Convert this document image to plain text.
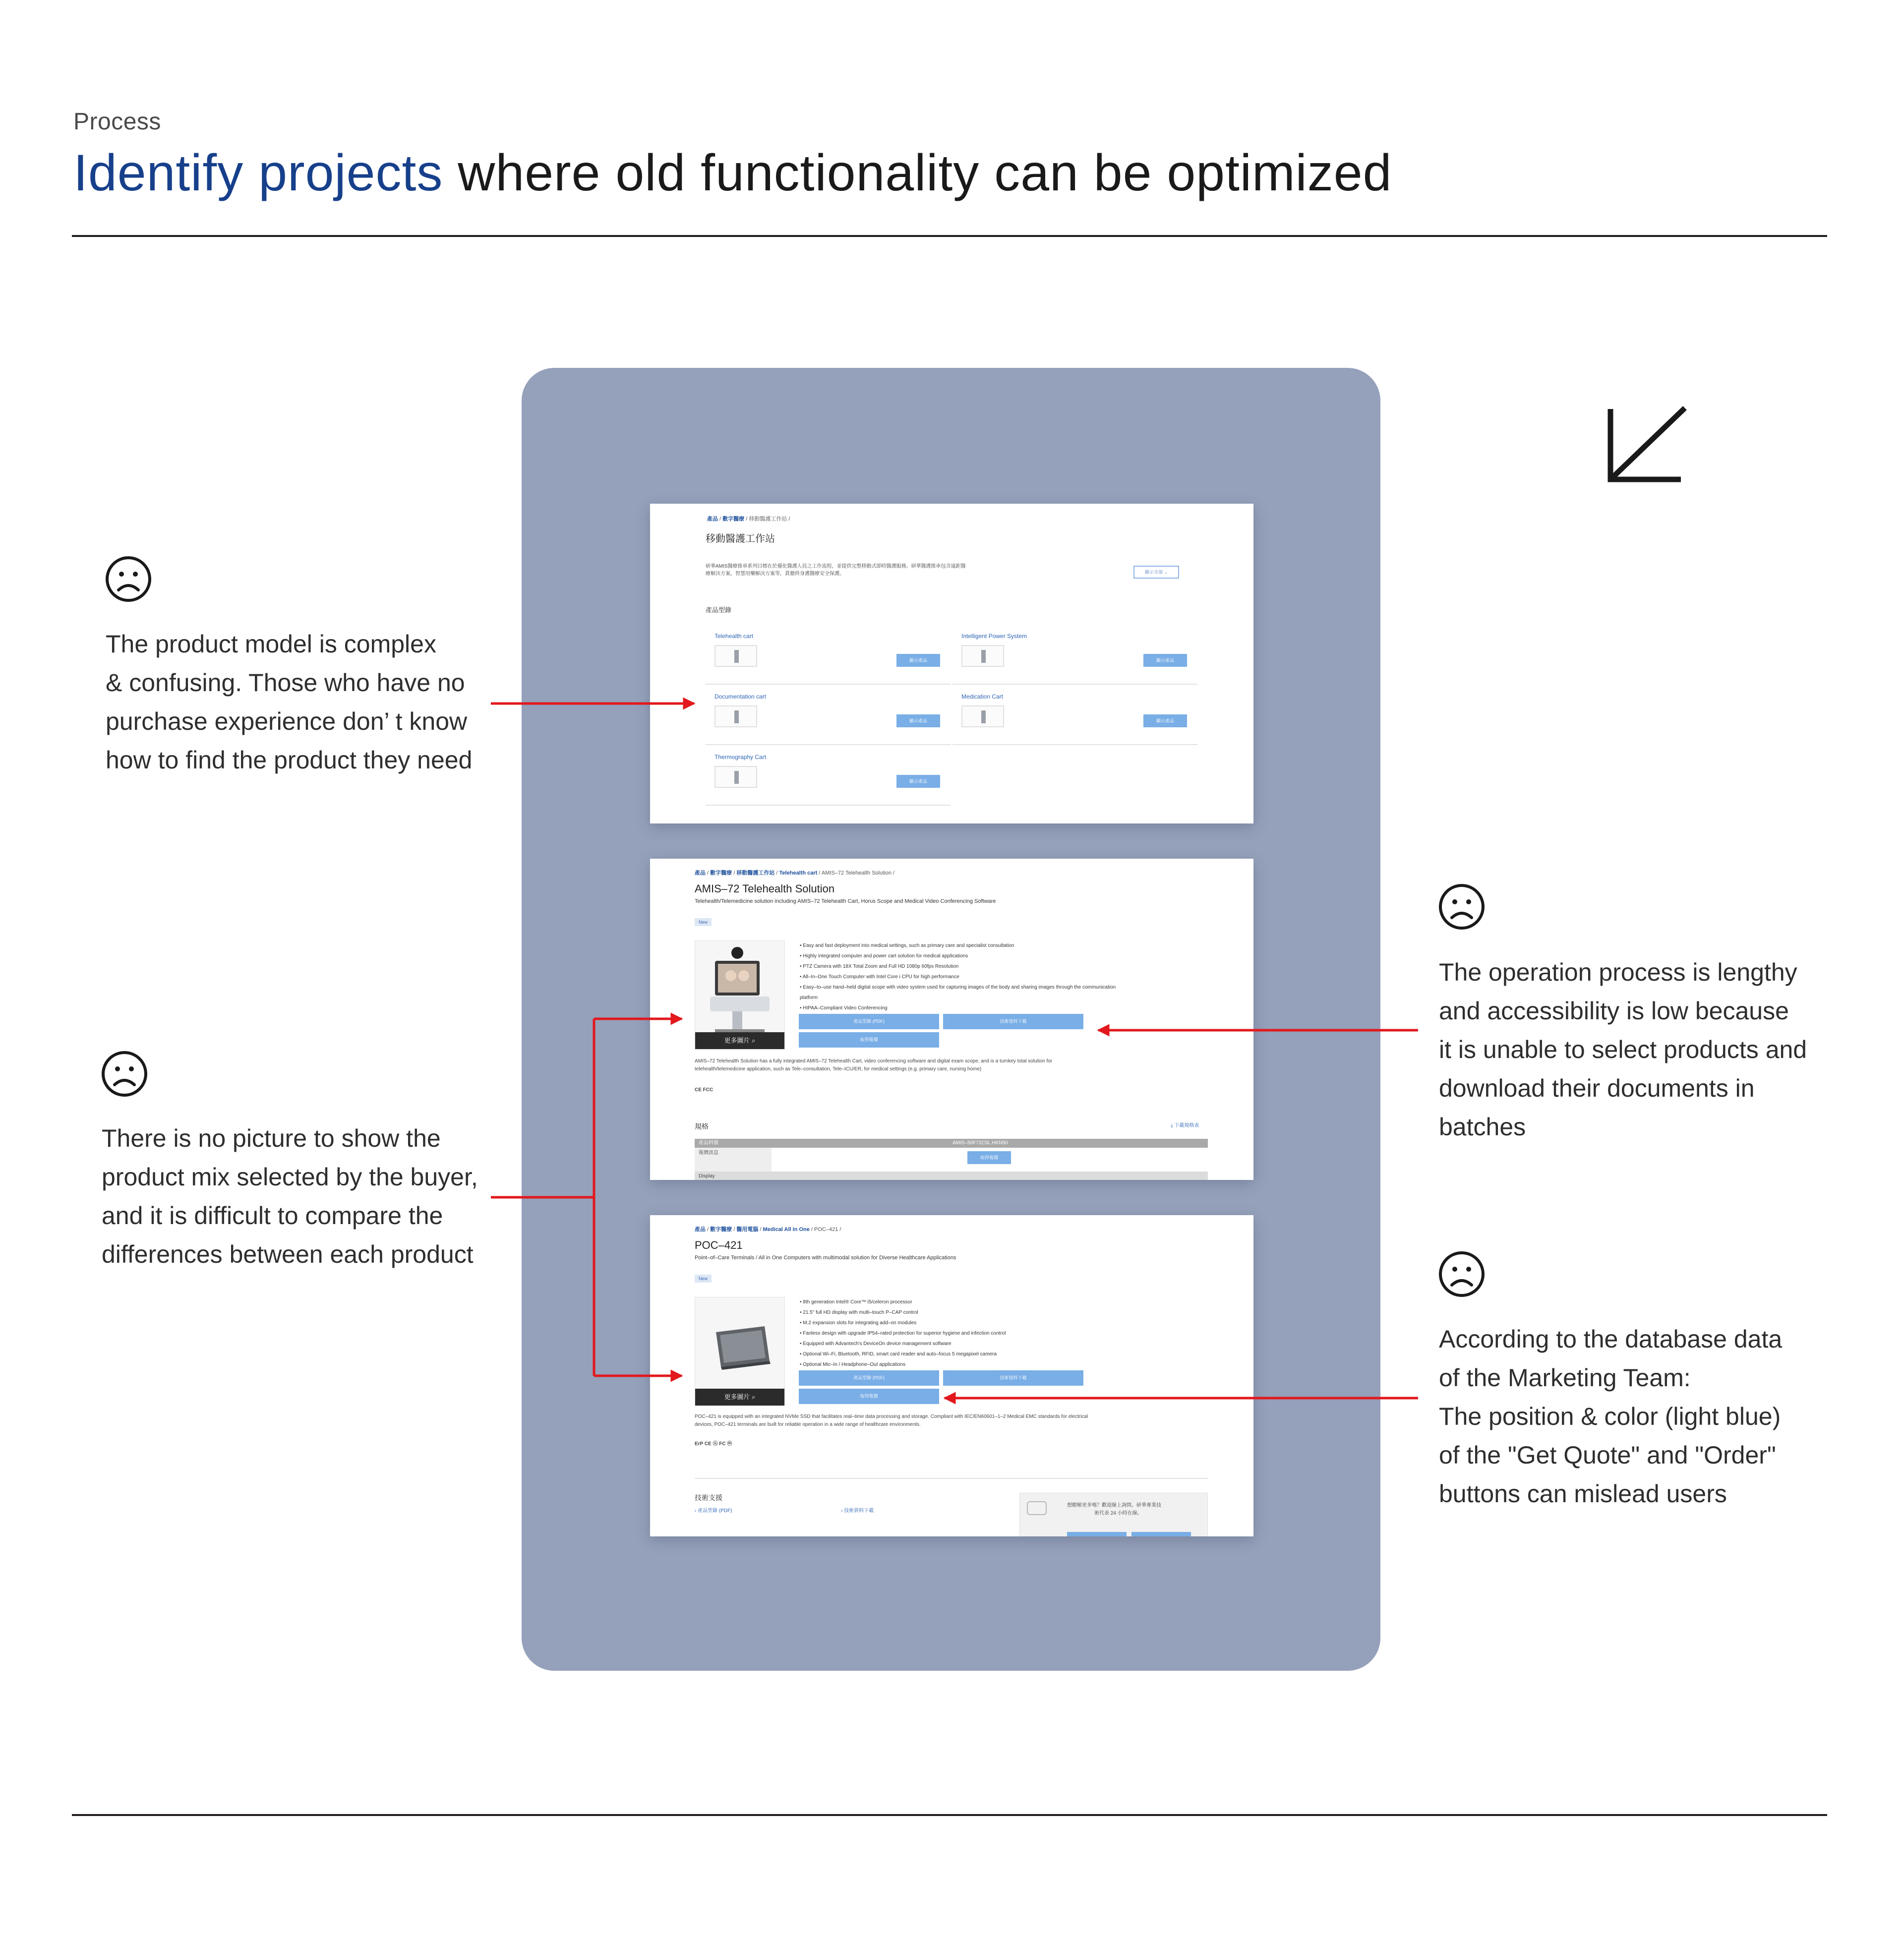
Process
Identify projects where old functionality can be optimized
產品 / 數字醫療 / 移動醫護工作站 /
移動醫護工作站
研華AMIS醫療推車系列目標在於優化醫護人員之工作流程，並提供完整移動式即時醫護服務。研華醫護推車包含遠距醫
療解決方案，智慧用藥解決方案等，貫徹終身護醫療安全保護。	顯示全部 ⌄
產品型錄
Telehealth cart
顯示產品
Intelligent Power System
顯示產品
Documentation cart
顯示產品
Medication Cart
顯示產品
Thermography Cart
顯示產品
產品 / 數字醫療 / 移動醫護工作站 / Telehealth cart / AMIS–72 Telehealth Solution /
AMIS–72 Telehealth Solution
Telehealth/Telemedicine solution including AMIS–72 Telehealth Cart, Horus Scope and Medical Video Conferencing Software
New
更多圖片 ⌕
• Easy and fast deployment into medical settings, such as primary care and specialist consultation
• Highly integrated computer and power cart solution for medical applications
• PTZ Camera with 18X Total Zoom and Full HD 1080p 60fps Resolution
• All–In–One Touch Computer with Intel Core i CPU for high performance
• Easy–to–use hand–held digital scope with video system used for capturing images of the body and sharing images through the communication
platform
• HIPAA–Compliant Video Conferencing
產品型錄 (PDF)	技術資料下載
取得報價
AMIS–72 Telehealth Solution has a fully integrated AMIS–72 Telehealth Cart, video conferencing software and digital exam scope, and is a turnkey total solution for
telehealth/telemedicine application, such as Tele–consultation, Tele–ICU/ER, for medical settings (e.g. primary care, nursing home)
CE FCC
規格	⤓ 下載規格表
產品料號	AMIS–50F72C5L.HKN50
報價訊息
取得報價
Display
產品 / 數字醫療 / 醫用電腦 / Medical All in One / POC–421 /
POC–421
Point–of–Care Terminals / All in One Computers with multimodal solution for Diverse Healthcare Applications
New
更多圖片 ⌕
• 8th generation Intel® Core™ i5/celeron processor
• 21.5" full HD display with multi–touch P–CAP control
• M.2 expansion slots for integrating add–on modules
• Fanless design with upgrade IP54–rated protection for superior hygiene and infection control
• Equipped with Advantech's DeviceOn device management software
• Optional Wi–Fi, Bluetooth, RFID, smart card reader and auto–focus 5 megapixel camera
• Optional Mic–In / Headphone–Out applications
產品型錄 (PDF)	技術資料下載
取得報價
POC–421 is equipped with an integrated NVMe SSD that facilitates real–time data processing and storage. Compliant with IEC/EN60601–1–2 Medical EMC standards for electrical
devices, POC–421 terminals are built for reliable operation in a wide range of healthcare environments.
ErP CE ⓤ FC ⓦ
技術支援
› 產品型錄 (PDF)	› 技術資料下載
想瞭解更多嗎？歡迎線上詢問。研華專業技
術代表 24 小時在線。
The product model is complex
& confusing. Those who have no
purchase experience don’ t know
how to find the product they need
There is no picture to show the
product mix selected by the buyer,
and it is difficult to compare the
differences between each product
The operation process is lengthy
and accessibility is low because
it is unable to select products and
download their documents in
batches
According to the database data
of the Marketing Team:
The position & color (light blue)
of the "Get Quote" and "Order"
buttons can mislead users
